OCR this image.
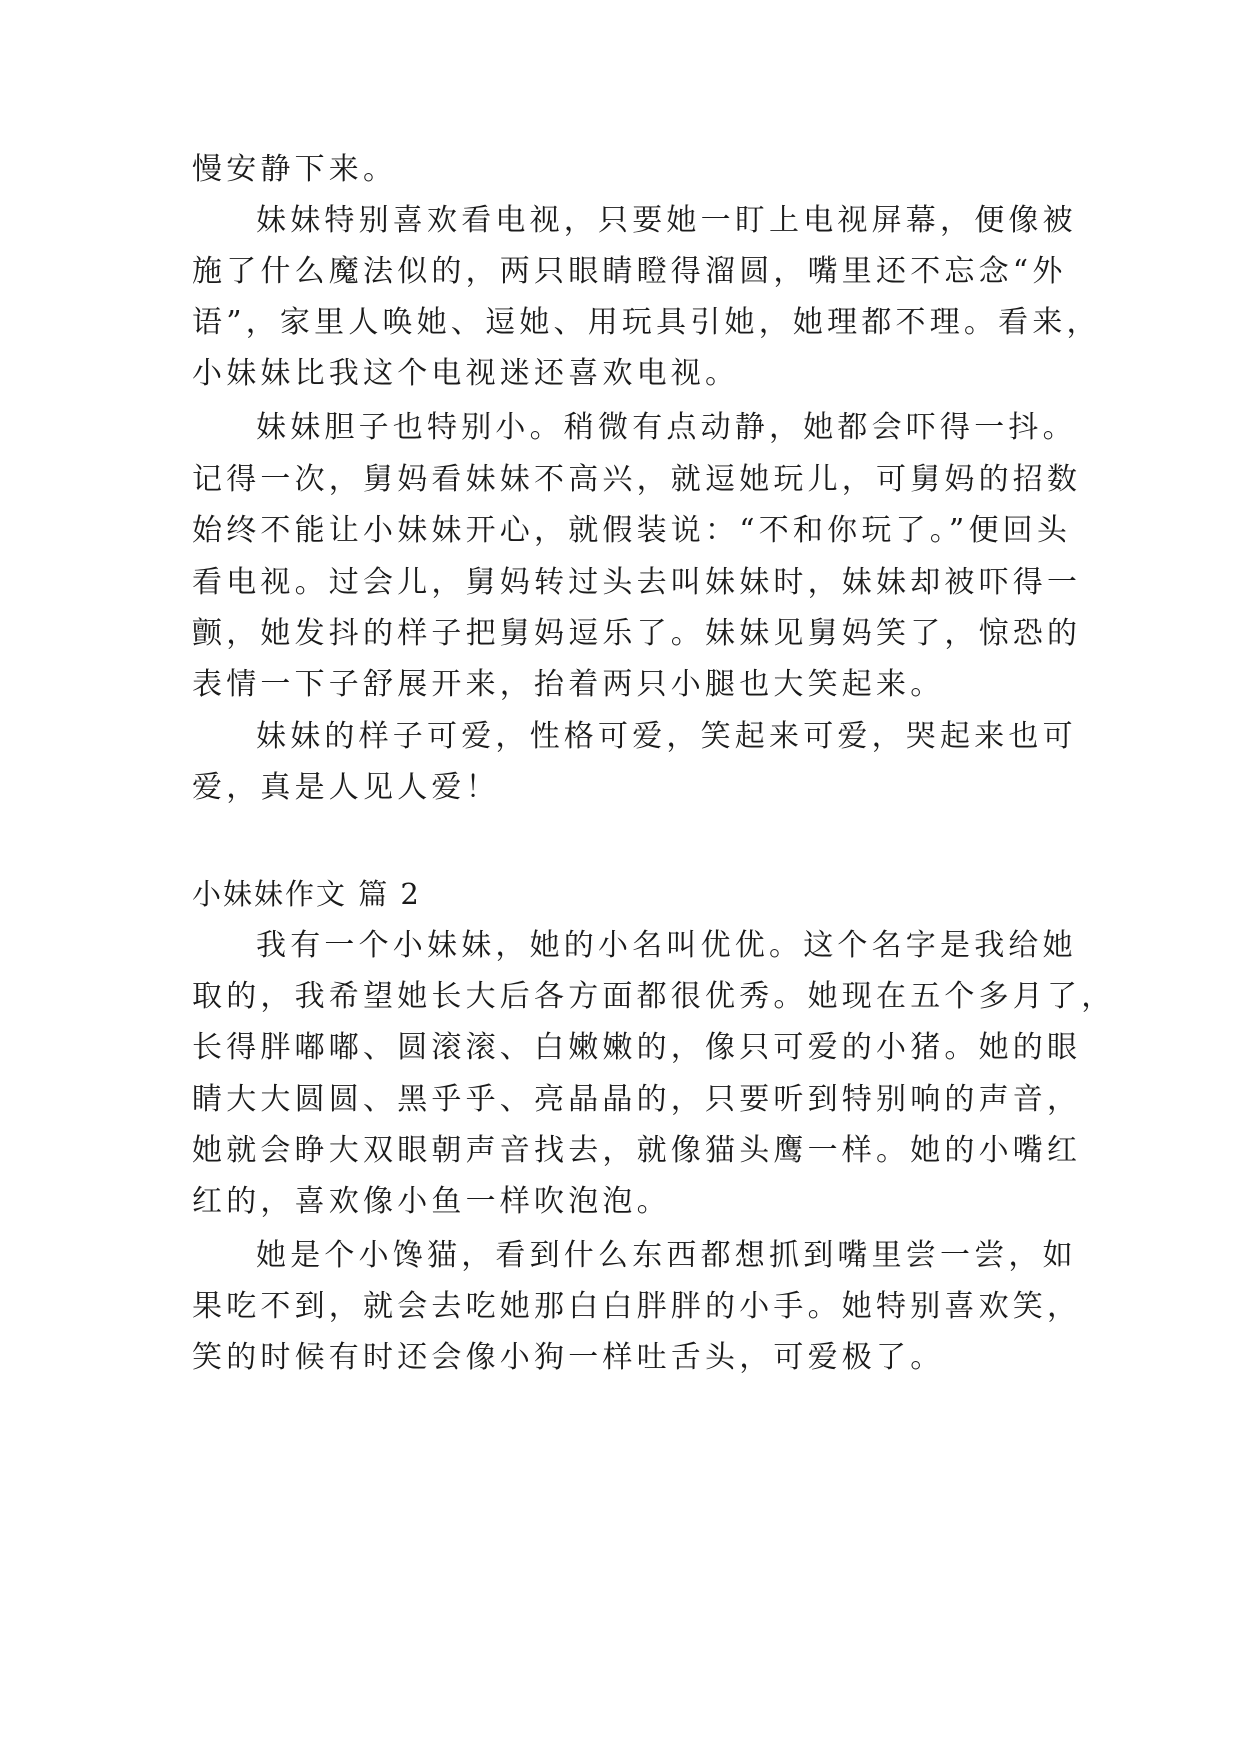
慢安静下来。
妹妹特别喜欢看电视，只要她一盯上电视屏幕，便像被
施了什么魔法似的，两只眼睛瞪得溜圆，嘴里还不忘念“外
语”，家里人唤她、逗她、用玩具引她，她理都不理。看来，
小妹妹比我这个电视迷还喜欢电视。
妹妹胆子也特别小。稍微有点动静，她都会吓得一抖。
记得一次，舅妈看妹妹不高兴，就逗她玩儿，可舅妈的招数
始终不能让小妹妹开心，就假装说：“不和你玩了。”便回头
看电视。过会儿，舅妈转过头去叫妹妹时，妹妹却被吓得一
颤，她发抖的样子把舅妈逗乐了。妹妹见舅妈笑了，惊恐的
表情一下子舒展开来，抬着两只小腿也大笑起来。
妹妹的样子可爱，性格可爱，笑起来可爱，哭起来也可
爱，真是人见人爱！
小妹妹作文 篇 2
我有一个小妹妹，她的小名叫优优。这个名字是我给她
取的，我希望她长大后各方面都很优秀。她现在五个多月了，
长得胖嘟嘟、圆滚滚、白嫩嫩的，像只可爱的小猪。她的眼
睛大大圆圆、黑乎乎、亮晶晶的，只要听到特别响的声音，
她就会睁大双眼朝声音找去，就像猫头鹰一样。她的小嘴红
红的，喜欢像小鱼一样吹泡泡。
她是个小馋猫，看到什么东西都想抓到嘴里尝一尝，如
果吃不到，就会去吃她那白白胖胖的小手。她特别喜欢笑，
笑的时候有时还会像小狗一样吐舌头，可爱极了。
